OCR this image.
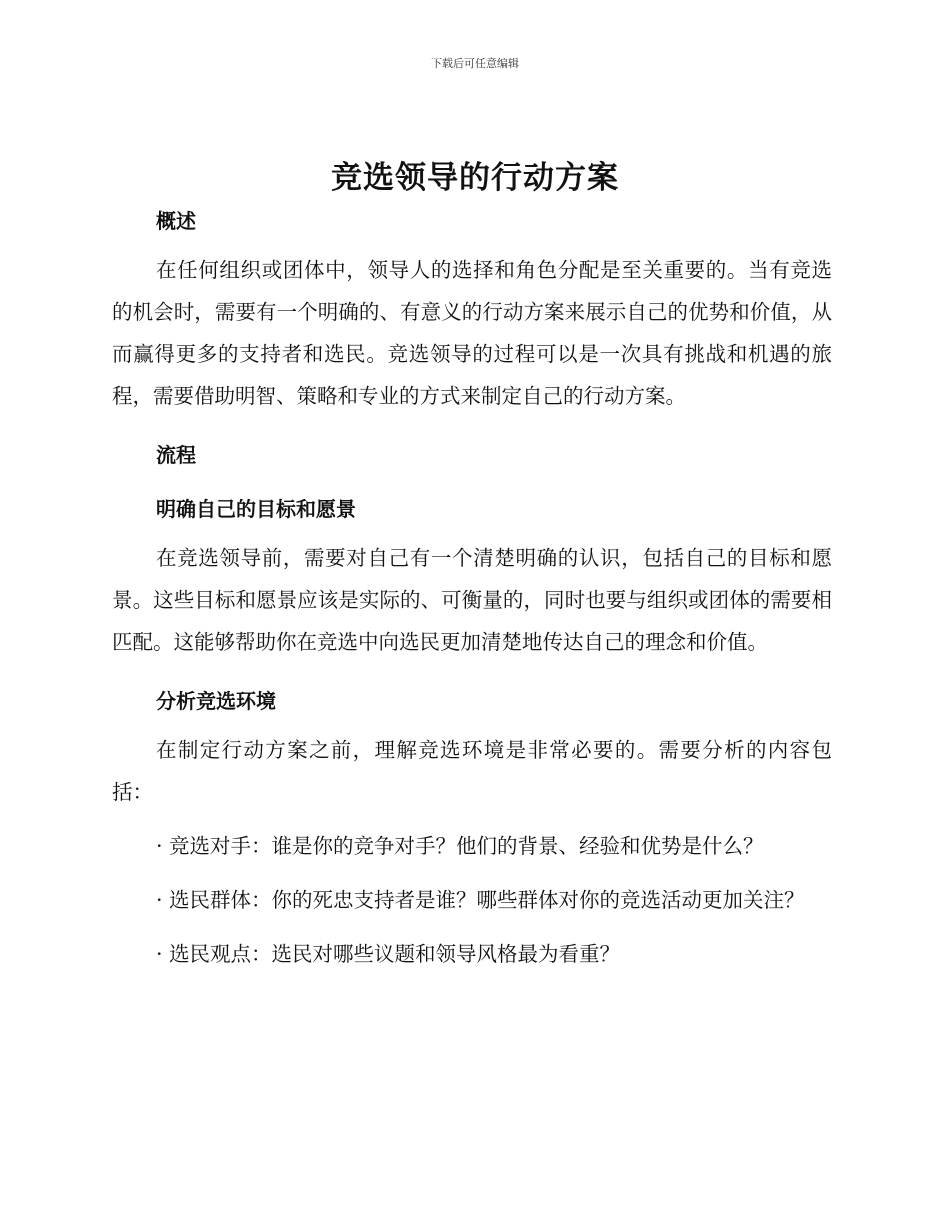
下载后可任意编辑
竞选领导的行动方案
概述

在任何组织或团体中，领导人的选择和角色分配是至关重要的。当有竞选的机会时，需要有一个明确的、有意义的行动方案来展示自己的优势和价值，从而赢得更多的支持者和选民。竞选领导的过程可以是一次具有挑战和机遇的旅程，需要借助明智、策略和专业的方式来制定自己的行动方案。

流程
明确自己的目标和愿景

在竞选领导前，需要对自己有一个清楚明确的认识，包括自己的目标和愿景。这些目标和愿景应该是实际的、可衡量的，同时也要与组织或团体的需要相匹配。这能够帮助你在竞选中向选民更加清楚地传达自己的理念和价值。

分析竞选环境

在制定行动方案之前，理解竞选环境是非常必要的。需要分析的内容包括：

· 竞选对手：谁是你的竞争对手？他们的背景、经验和优势是什么？

· 选民群体：你的死忠支持者是谁？哪些群体对你的竞选活动更加关注？

· 选民观点：选民对哪些议题和领导风格最为看重？
